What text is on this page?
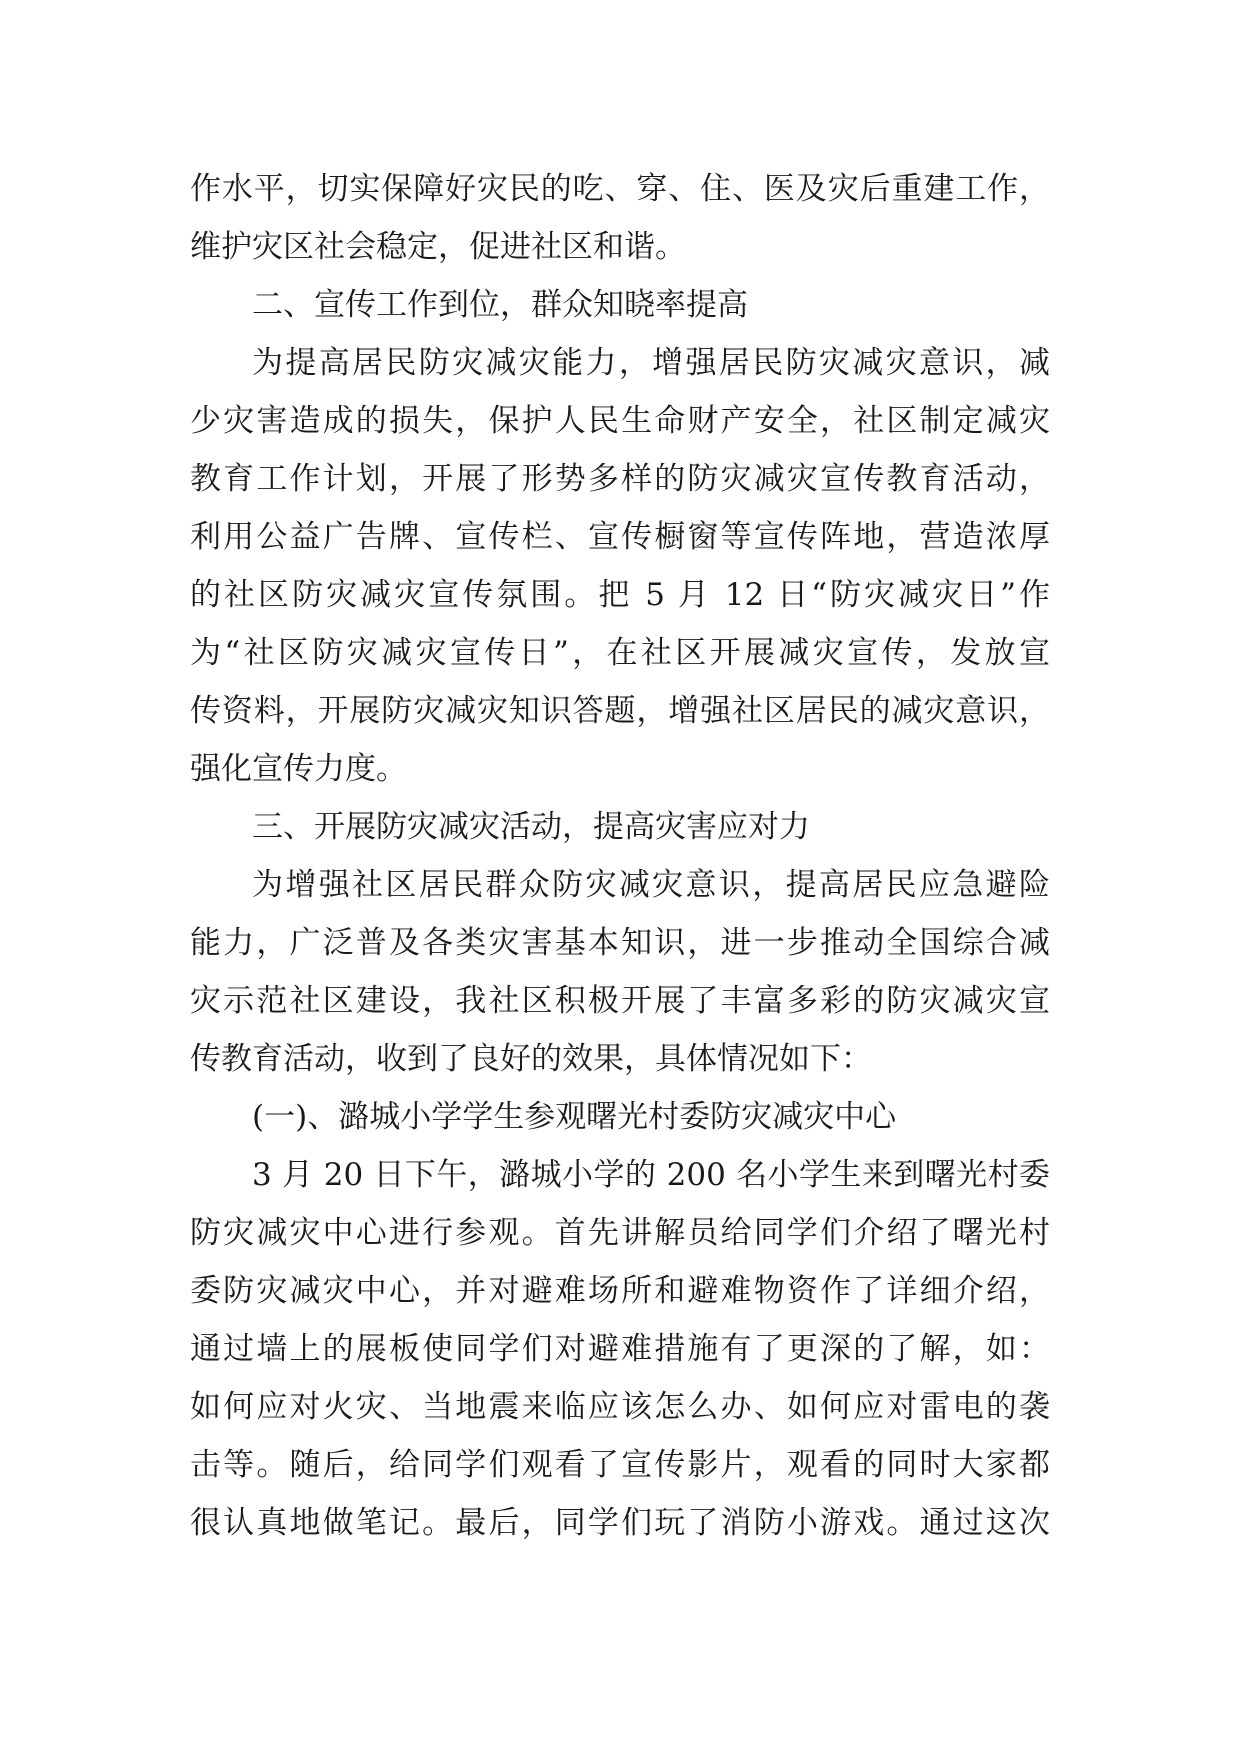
作水平，切实保障好灾民的吃、穿、住、医及灾后重建工作，
维护灾区社会稳定，促进社区和谐。
二、宣传工作到位，群众知晓率提高
为提高居民防灾减灾能力，增强居民防灾减灾意识，减
少灾害造成的损失，保护人民生命财产安全，社区制定减灾
教育工作计划，开展了形势多样的防灾减灾宣传教育活动，
利用公益广告牌、宣传栏、宣传橱窗等宣传阵地，营造浓厚
的社区防灾减灾宣传氛围。把 5 月 12 日“防灾减灾日”作
为“社区防灾减灾宣传日”，在社区开展减灾宣传，发放宣
传资料，开展防灾减灾知识答题，增强社区居民的减灾意识，
强化宣传力度。
三、开展防灾减灾活动，提高灾害应对力
为增强社区居民群众防灾减灾意识，提高居民应急避险
能力，广泛普及各类灾害基本知识，进一步推动全国综合减
灾示范社区建设，我社区积极开展了丰富多彩的防灾减灾宣
传教育活动，收到了良好的效果，具体情况如下：
(一)、潞城小学学生参观曙光村委防灾减灾中心
3 月 20 日下午，潞城小学的 200 名小学生来到曙光村委
防灾减灾中心进行参观。首先讲解员给同学们介绍了曙光村
委防灾减灾中心，并对避难场所和避难物资作了详细介绍，
通过墙上的展板使同学们对避难措施有了更深的了解，如：
如何应对火灾、当地震来临应该怎么办、如何应对雷电的袭
击等。随后，给同学们观看了宣传影片，观看的同时大家都
很认真地做笔记。最后，同学们玩了消防小游戏。通过这次
